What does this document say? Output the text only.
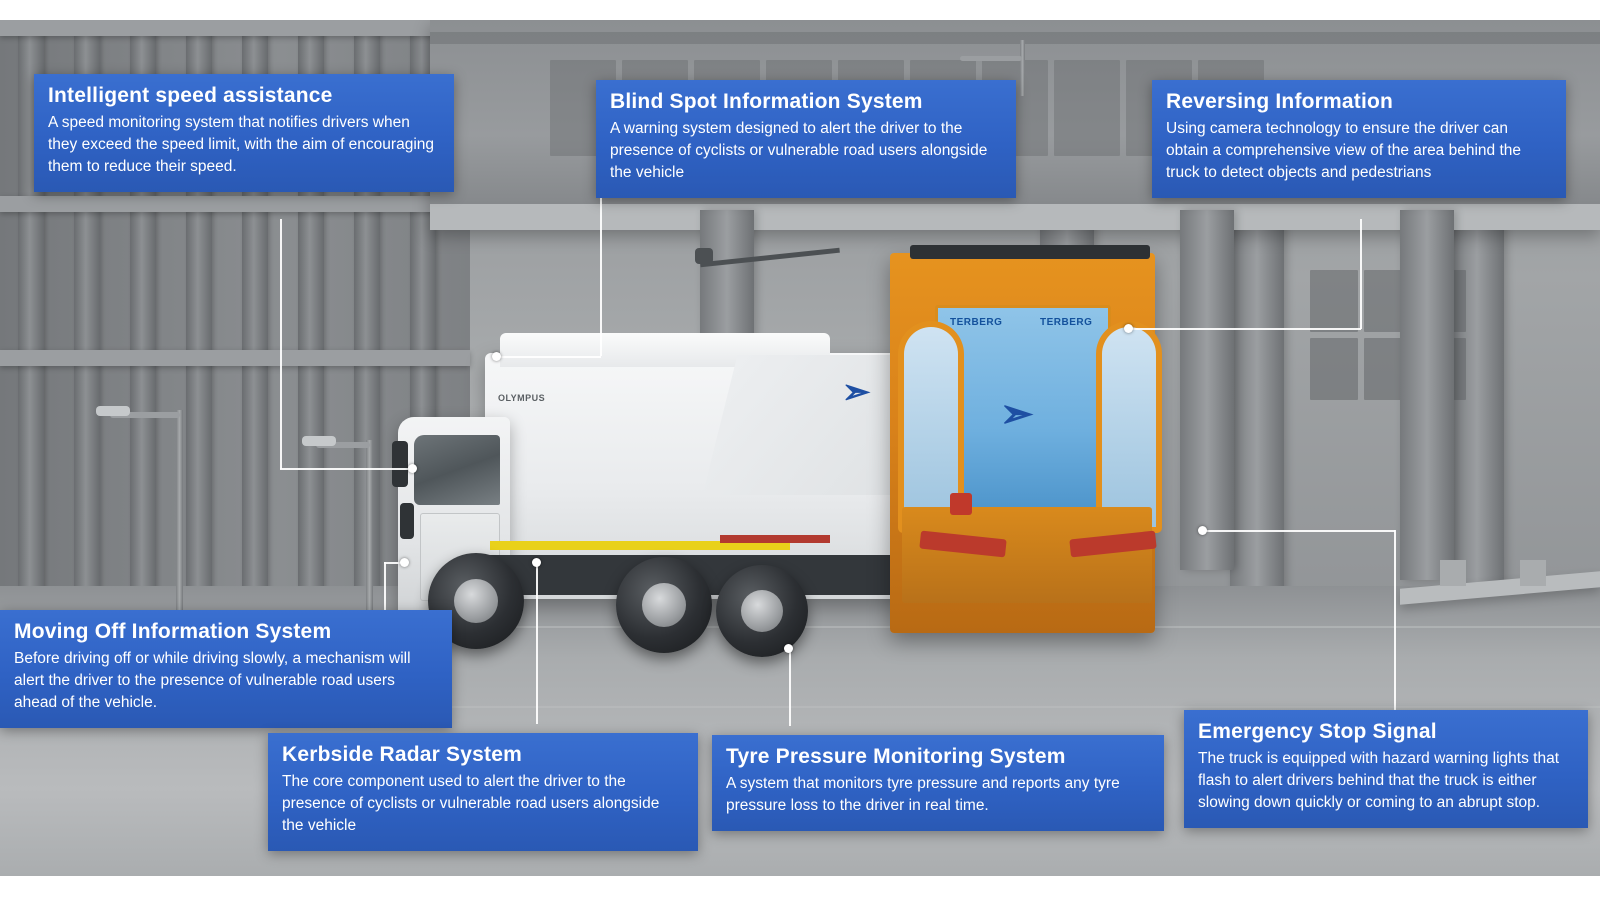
OLYMPUS	➣	➣
TERBERG	TERBERG
Intelligent speed assistance

A speed monitoring system that notifies drivers when they exceed the speed limit, with the aim of encouraging them to reduce their speed.

Blind Spot Information System

A warning system designed to alert the driver to the presence of cyclists or vulnerable road users alongside the vehicle

Reversing Information

Using camera technology to ensure the driver can obtain a comprehensive view of the area behind the truck to detect objects and pedestrians

Moving Off Information System

Before driving off or while driving slowly, a mechanism will alert the driver to the presence of vulnerable road users ahead of the vehicle.

Kerbside Radar System

The core component used to alert the driver to the presence of cyclists or vulnerable road users alongside the vehicle

Tyre Pressure Monitoring System

A system that monitors tyre pressure and reports any tyre pressure loss to the driver in real time.

Emergency Stop Signal

The truck is equipped with hazard warning lights that flash to alert drivers behind that the truck is either slowing down quickly or coming to an abrupt stop.
